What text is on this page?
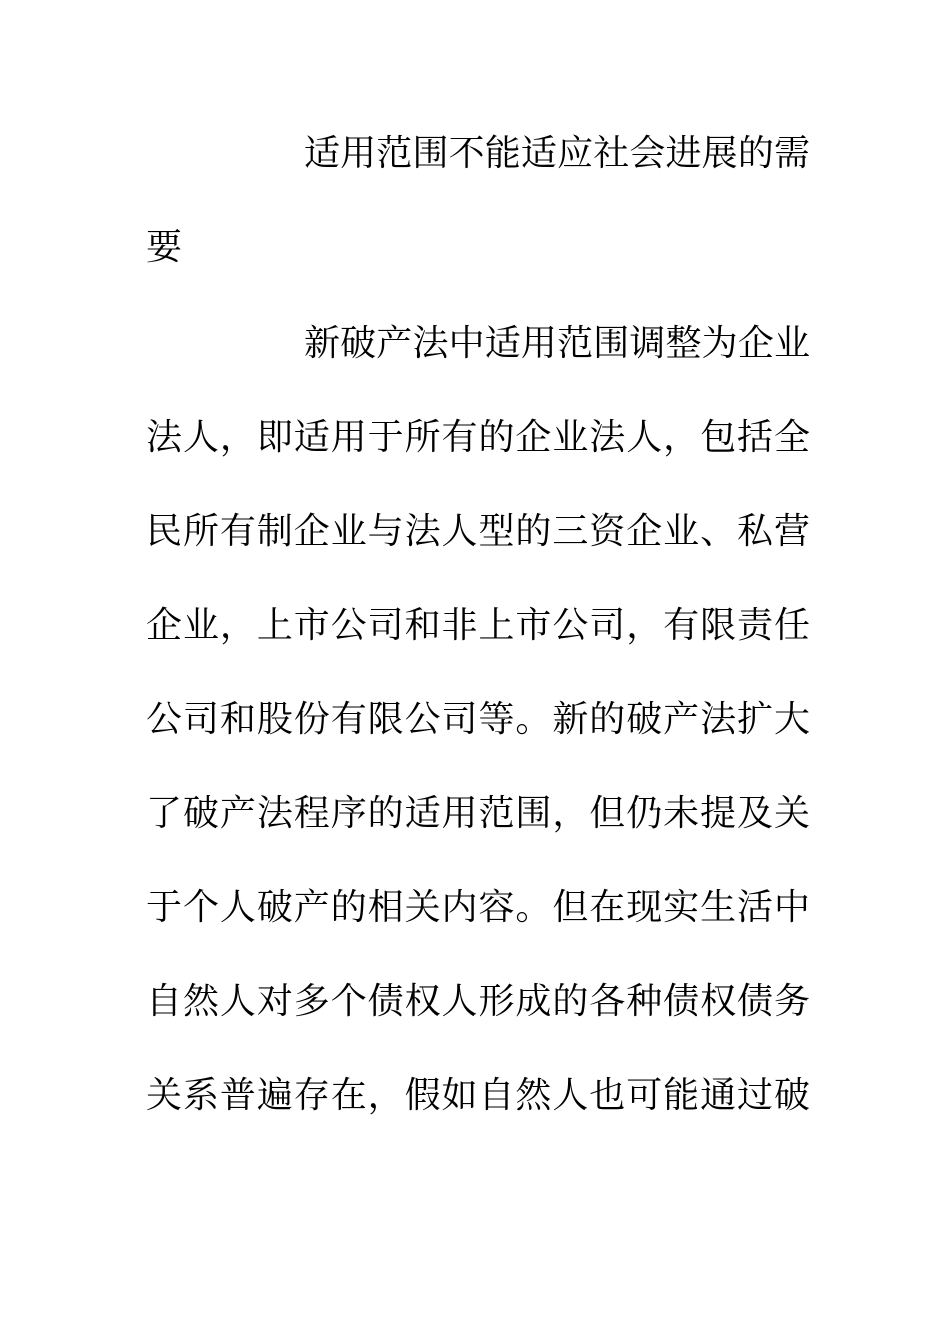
适用范围不能适应社会进展的需
要
新破产法中适用范围调整为企业
法人，即适用于所有的企业法人，包括全
民所有制企业与法人型的三资企业、私营
企业，上市公司和非上市公司，有限责任
公司和股份有限公司等。新的破产法扩大
了破产法程序的适用范围，但仍未提及关
于个人破产的相关内容。但在现实生活中
自然人对多个债权人形成的各种债权债务
关系普遍存在，假如自然人也可能通过破
